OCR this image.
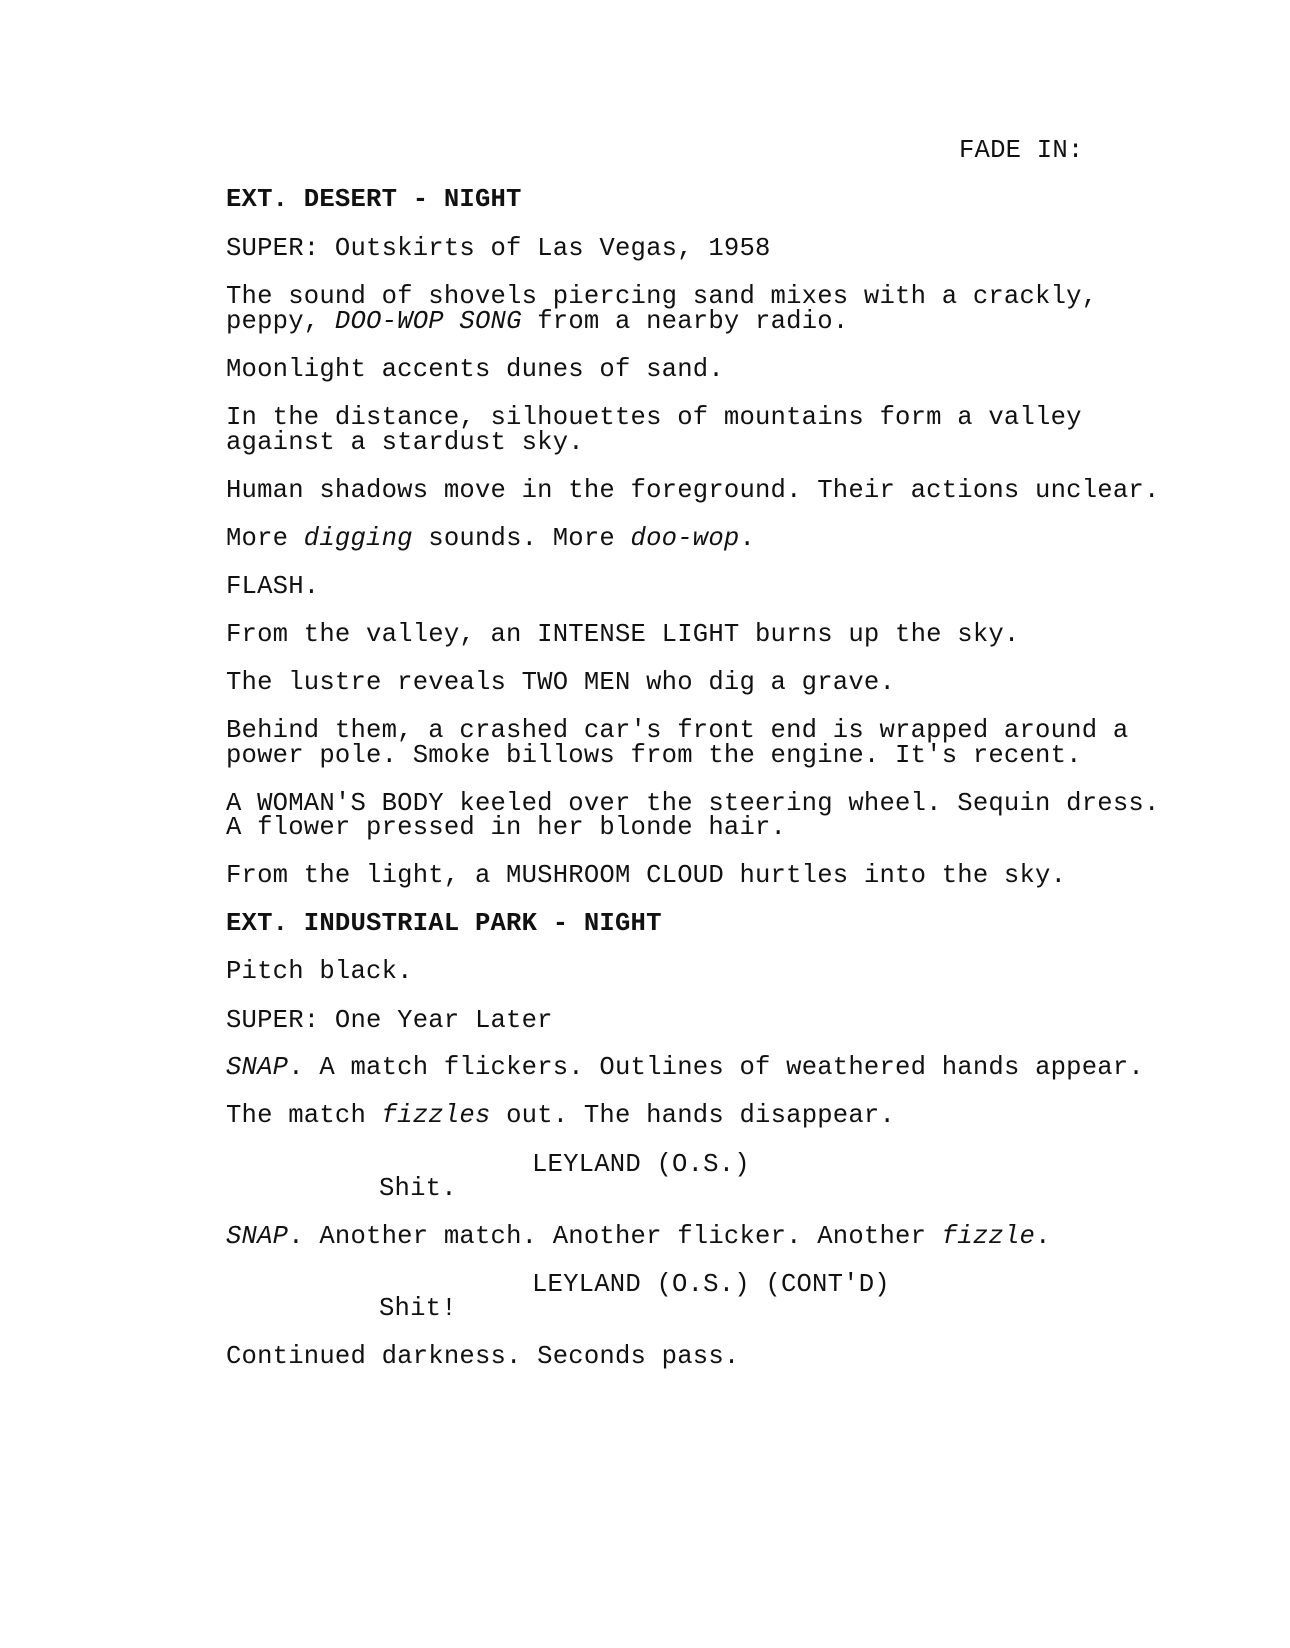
FADE IN:

EXT. DESERT - NIGHT

SUPER: Outskirts of Las Vegas, 1958

The sound of shovels piercing sand mixes with a crackly,

peppy, DOO-WOP SONG from a nearby radio.

Moonlight accents dunes of sand.

In the distance, silhouettes of mountains form a valley

against a stardust sky.

Human shadows move in the foreground. Their actions unclear.

More digging sounds. More doo-wop.

FLASH.

From the valley, an INTENSE LIGHT burns up the sky.

The lustre reveals TWO MEN who dig a grave.

Behind them, a crashed car's front end is wrapped around a

power pole. Smoke billows from the engine. It's recent.

A WOMAN'S BODY keeled over the steering wheel. Sequin dress.

A flower pressed in her blonde hair.

From the light, a MUSHROOM CLOUD hurtles into the sky.

EXT. INDUSTRIAL PARK - NIGHT

Pitch black.

SUPER: One Year Later

SNAP. A match flickers. Outlines of weathered hands appear.

The match fizzles out. The hands disappear.

LEYLAND (O.S.)

Shit.

SNAP. Another match. Another flicker. Another fizzle.

LEYLAND (O.S.) (CONT'D)

Shit!

Continued darkness. Seconds pass.
